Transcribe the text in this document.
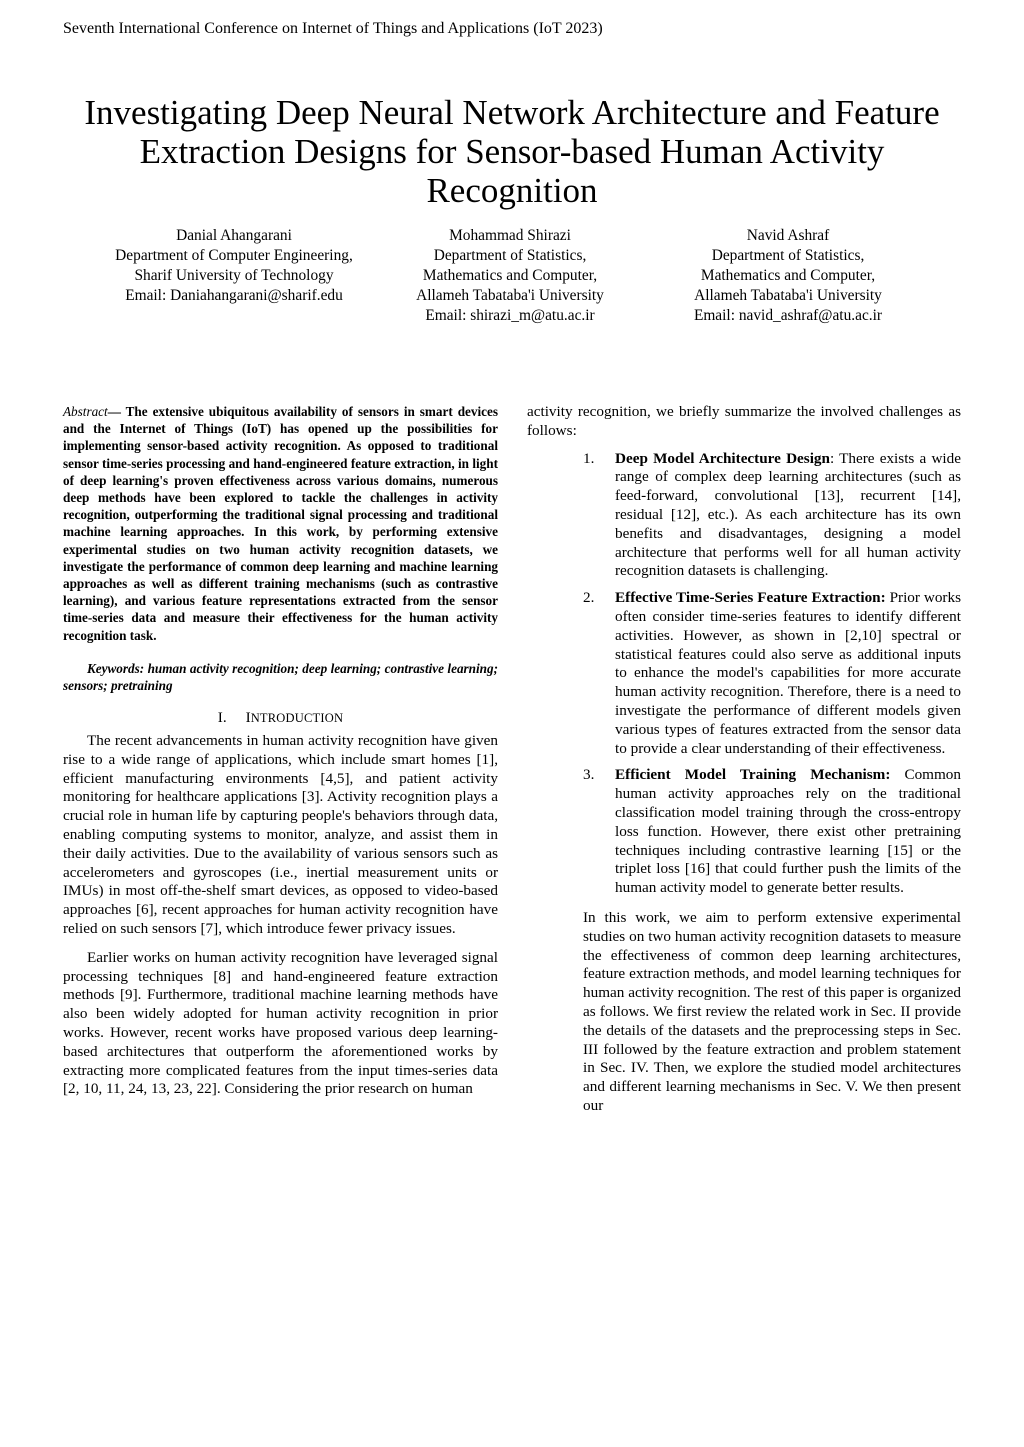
Seventh International Conference on Internet of Things and Applications (IoT 2023)
Investigating Deep Neural Network Architecture and Feature
Extraction Designs for Sensor-based Human Activity
Recognition
Danial Ahangarani
Department of Computer Engineering,
Sharif University of Technology
Email: Daniahangarani@sharif.edu
Mohammad Shirazi
Department of Statistics,
Mathematics and Computer,
Allameh Tabataba'i University
Email: shirazi_m@atu.ac.ir
Navid Ashraf
Department of Statistics,
Mathematics and Computer,
Allameh Tabataba'i University
Email: navid_ashraf@atu.ac.ir

Abstract— The extensive ubiquitous availability of sensors in smart devices and the Internet of Things (IoT) has opened up the possibilities for implementing sensor-based activity recognition. As opposed to traditional sensor time-series processing and hand-engineered feature extraction, in light of deep learning's proven effectiveness across various domains, numerous deep methods have been explored to tackle the challenges in activity recognition, outperforming the traditional signal processing and traditional machine learning approaches. In this work, by performing extensive experimental studies on two human activity recognition datasets, we investigate the performance of common deep learning and machine learning approaches as well as different training mechanisms (such as contrastive learning), and various feature representations extracted from the sensor time-series data and measure their effectiveness for the human activity recognition task.

Keywords: human activity recognition; deep learning; contrastive learning; sensors; pretraining

I. INTRODUCTION

The recent advancements in human activity recognition have given rise to a wide range of applications, which include smart homes [1], efficient manufacturing environments [4,5], and patient activity monitoring for healthcare applications [3]. Activity recognition plays a crucial role in human life by capturing people's behaviors through data, enabling computing systems to monitor, analyze, and assist them in their daily activities. Due to the availability of various sensors such as accelerometers and gyroscopes (i.e., inertial measurement units or IMUs) in most off-the-shelf smart devices, as opposed to video-based approaches [6], recent approaches for human activity recognition have relied on such sensors [7], which introduce fewer privacy issues.

Earlier works on human activity recognition have leveraged signal processing techniques [8] and hand-engineered feature extraction methods [9]. Furthermore, traditional machine learning methods have also been widely adopted for human activity recognition in prior works. However, recent works have proposed various deep learning-based architectures that outperform the aforementioned works by extracting more complicated features from the input times-series data [2, 10, 11, 24, 13, 23, 22]. Considering the prior research on human

activity recognition, we briefly summarize the involved challenges as follows:

1. Deep Model Architecture Design: There exists a wide range of complex deep learning architectures (such as feed-forward, convolutional [13], recurrent [14], residual [12], etc.). As each architecture has its own benefits and disadvantages, designing a model architecture that performs well for all human activity recognition datasets is challenging.
2. Effective Time-Series Feature Extraction: Prior works often consider time-series features to identify different activities. However, as shown in [2,10] spectral or statistical features could also serve as additional inputs to enhance the model's capabilities for more accurate human activity recognition. Therefore, there is a need to investigate the performance of different models given various types of features extracted from the sensor data to provide a clear understanding of their effectiveness.
3. Efficient Model Training Mechanism: Common human activity approaches rely on the traditional classification model training through the cross-entropy loss function. However, there exist other pretraining techniques including contrastive learning [15] or the triplet loss [16] that could further push the limits of the human activity model to generate better results.

In this work, we aim to perform extensive experimental studies on two human activity recognition datasets to measure the effectiveness of common deep learning architectures, feature extraction methods, and model learning techniques for human activity recognition. The rest of this paper is organized as follows. We first review the related work in Sec. II provide the details of the datasets and the preprocessing steps in Sec. III followed by the feature extraction and problem statement in Sec. IV. Then, we explore the studied model architectures and different learning mechanisms in Sec. V. We then present our
